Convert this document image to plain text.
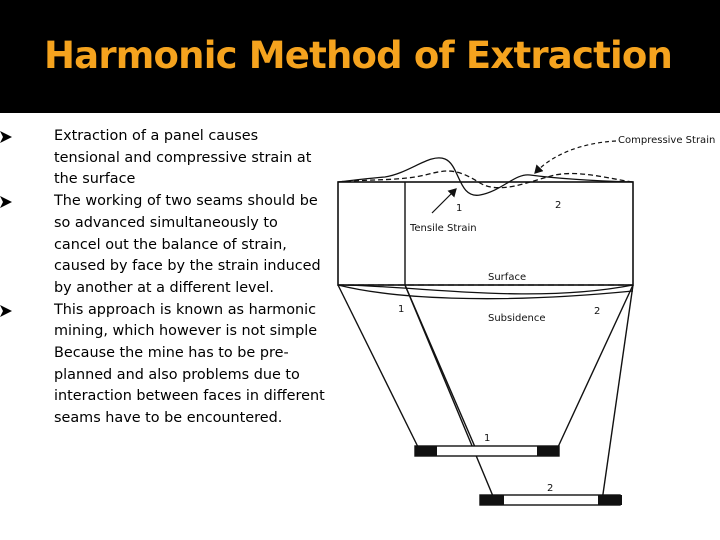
Harmonic Method of Extraction
Extraction of a panel causes tensional and compressive strain at the surface
The working of two seams should be so advanced simultaneously to cancel out the balance of strain, caused by face by the strain induced by another at a different level.
This approach is known as harmonic mining, which however is not simple Because the mine has to be pre-planned and also problems due to interaction between faces in different seams have to be encountered.
Compressive Strain
Tensile Strain
1	2
Surface
Subsidence
1	2
1
2
